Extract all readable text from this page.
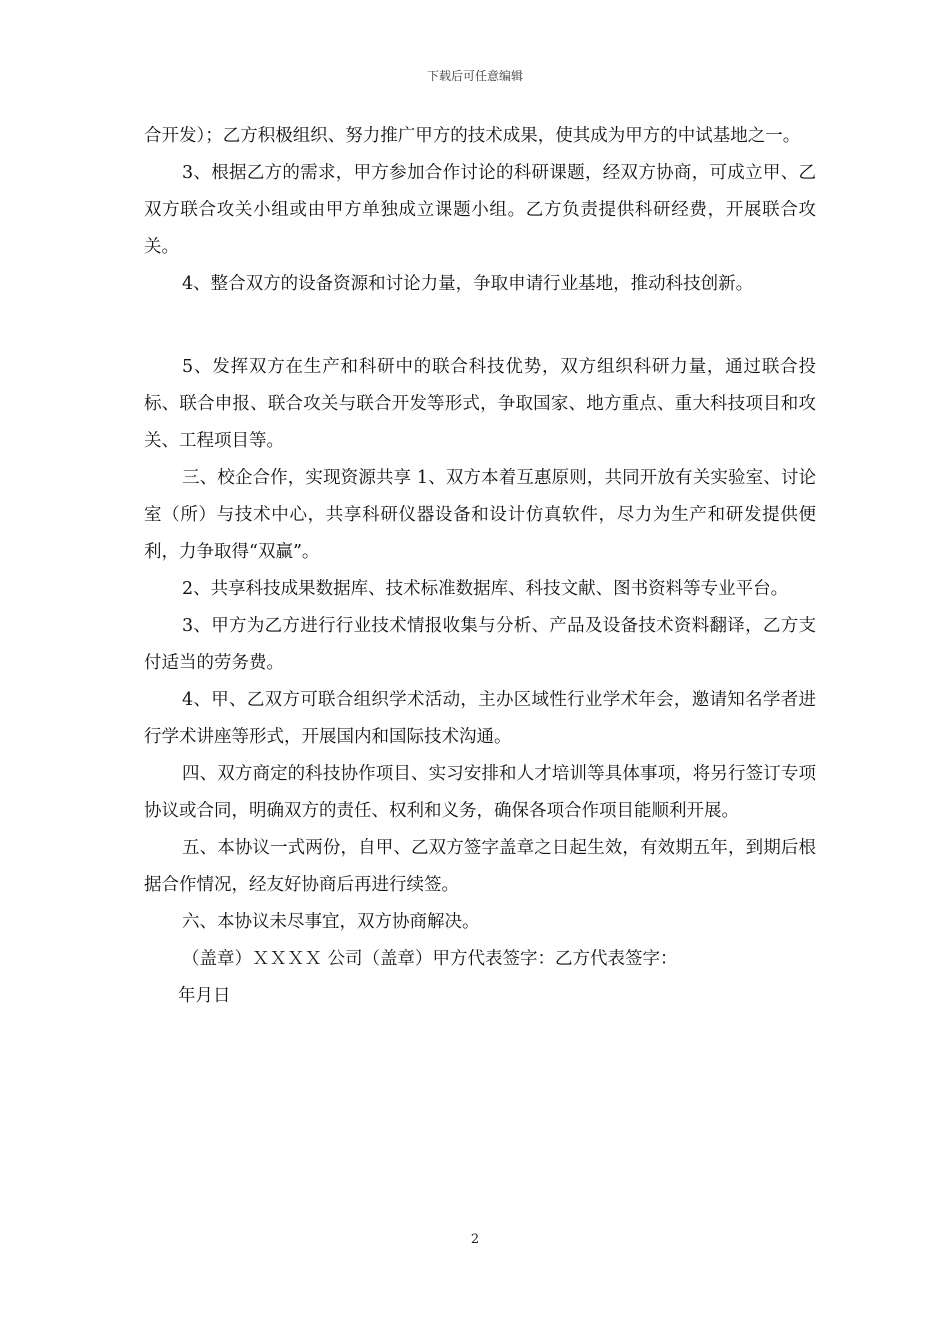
下载后可任意编辑

合开发）；乙方积极组织、努力推广甲方的技术成果，使其成为甲方的中试基地之一。

3、根据乙方的需求，甲方参加合作讨论的科研课题，经双方协商，可成立甲、乙双方联合攻关小组或由甲方单独成立课题小组。乙方负责提供科研经费，开展联合攻关。

4、整合双方的设备资源和讨论力量，争取申请行业基地，推动科技创新。

5、发挥双方在生产和科研中的联合科技优势，双方组织科研力量，通过联合投标、联合申报、联合攻关与联合开发等形式，争取国家、地方重点、重大科技项目和攻关、工程项目等。

三、校企合作，实现资源共享 1、双方本着互惠原则，共同开放有关实验室、讨论室（所）与技术中心，共享科研仪器设备和设计仿真软件，尽力为生产和研发提供便利，力争取得“双赢”。

2、共享科技成果数据库、技术标准数据库、科技文献、图书资料等专业平台。

3、甲方为乙方进行行业技术情报收集与分析、产品及设备技术资料翻译，乙方支付适当的劳务费。

4、甲、乙双方可联合组织学术活动，主办区域性行业学术年会，邀请知名学者进行学术讲座等形式，开展国内和国际技术沟通。

四、双方商定的科技协作项目、实习安排和人才培训等具体事项，将另行签订专项协议或合同，明确双方的责任、权利和义务，确保各项合作项目能顺利开展。

五、本协议一式两份，自甲、乙双方签字盖章之日起生效，有效期五年，到期后根据合作情况，经友好协商后再进行续签。

六、本协议未尽事宜，双方协商解决。

（盖章）ＸＸＸＸ 公司（盖章）甲方代表签字：乙方代表签字：

年月日

2
